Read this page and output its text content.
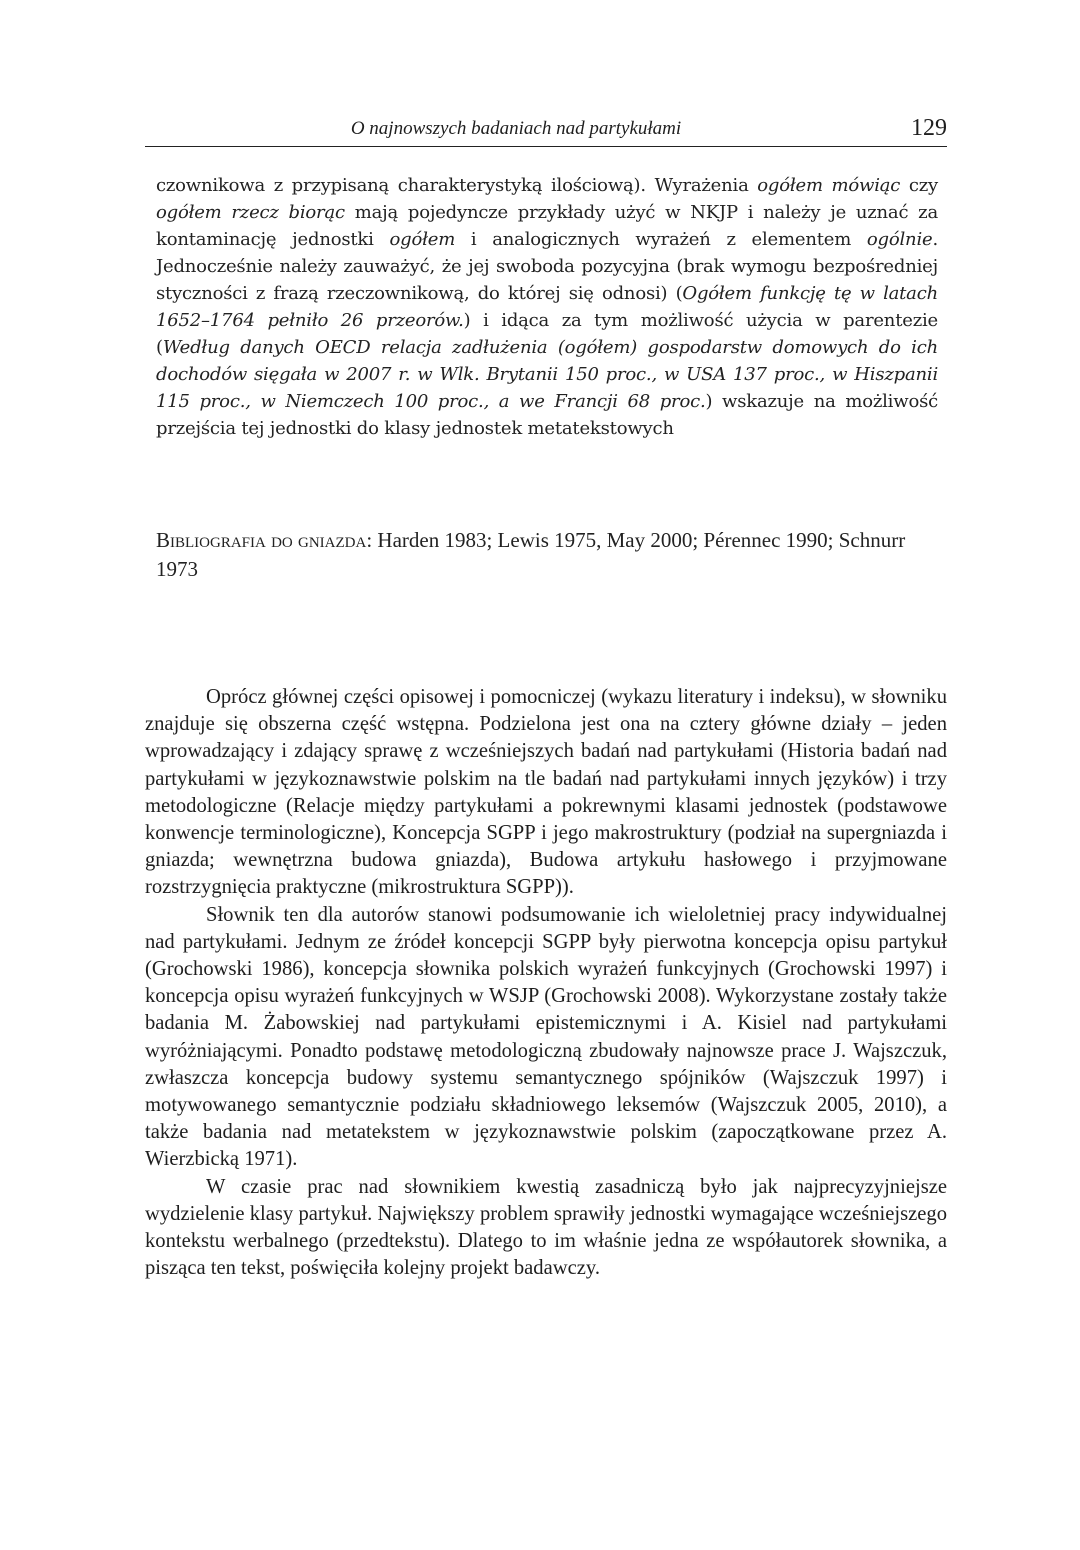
O najnowszych badaniach nad partykułami	129

czownikowa z przypisaną charakterystyką ilościową). Wyrażenia ogółem mówiąc czy ogółem rzecz biorąc mają pojedyncze przykłady użyć w NKJP i należy je uznać za kontaminację jednostki ogółem i analogicznych wyrażeń z elementem ogólnie. Jednocześnie należy zauważyć, że jej swoboda pozycyjna (brak wymogu bezpośredniej styczności z frazą rzeczownikową, do której się odnosi) (Ogółem funkcję tę w latach 1652–1764 pełniło 26 przeorów.) i idąca za tym możliwość użycia w parentezie (Według danych OECD relacja zadłużenia (ogółem) gospodarstw domowych do ich dochodów sięgała w 2007 r. w Wlk. Brytanii 150 proc., w USA 137 proc., w Hiszpanii 115 proc., w Niemczech 100 proc., a we Francji 68 proc.) wskazuje na możliwość przejścia tej jednostki do klasy jednostek metatekstowych

Bibliografia do gniazda: Harden 1983; Lewis 1975, May 2000; Pérennec 1990; Schnurr 1973

Oprócz głównej części opisowej i pomocniczej (wykazu literatury i indeksu), w słowniku znajduje się obszerna część wstępna. Podzielona jest ona na cztery główne działy – jeden wprowadzający i zdający sprawę z wcześniejszych badań nad partykułami (Historia badań nad partykułami w językoznawstwie polskim na tle badań nad partykułami innych języków) i trzy metodologiczne (Relacje między partykułami a pokrewnymi klasami jednostek (podstawowe konwencje terminologiczne), Koncepcja SGPP i jego makrostruktury (podział na supergniazda i gniazda; wewnętrzna budowa gniazda), Budowa artykułu hasłowego i przyjmowane rozstrzygnięcia praktyczne (mikrostruktura SGPP)).

Słownik ten dla autorów stanowi podsumowanie ich wieloletniej pracy indywidualnej nad partykułami. Jednym ze źródeł koncepcji SGPP były pierwotna koncepcja opisu partykuł (Grochowski 1986), koncepcja słownika polskich wyrażeń funkcyjnych (Grochowski 1997) i koncepcja opisu wyrażeń funkcyjnych w WSJP (Grochowski 2008). Wykorzystane zostały także badania M. Żabowskiej nad partykułami epistemicznymi i A. Kisiel nad partykułami wyróżniającymi. Ponadto podstawę metodologiczną zbudowały najnowsze prace J. Wajszczuk, zwłaszcza koncepcja budowy systemu semantycznego spójników (Wajszczuk 1997) i motywowanego semantycznie podziału składniowego leksemów (Wajszczuk 2005, 2010), a także badania nad metatekstem w językoznawstwie polskim (zapoczątkowane przez A. Wierzbicką 1971).

W czasie prac nad słownikiem kwestią zasadniczą było jak najprecyzyjniejsze wydzielenie klasy partykuł. Największy problem sprawiły jednostki wymagające wcześniejszego kontekstu werbalnego (przedtekstu). Dlatego to im właśnie jedna ze współautorek słownika, a pisząca ten tekst, poświęciła kolejny projekt badawczy.
